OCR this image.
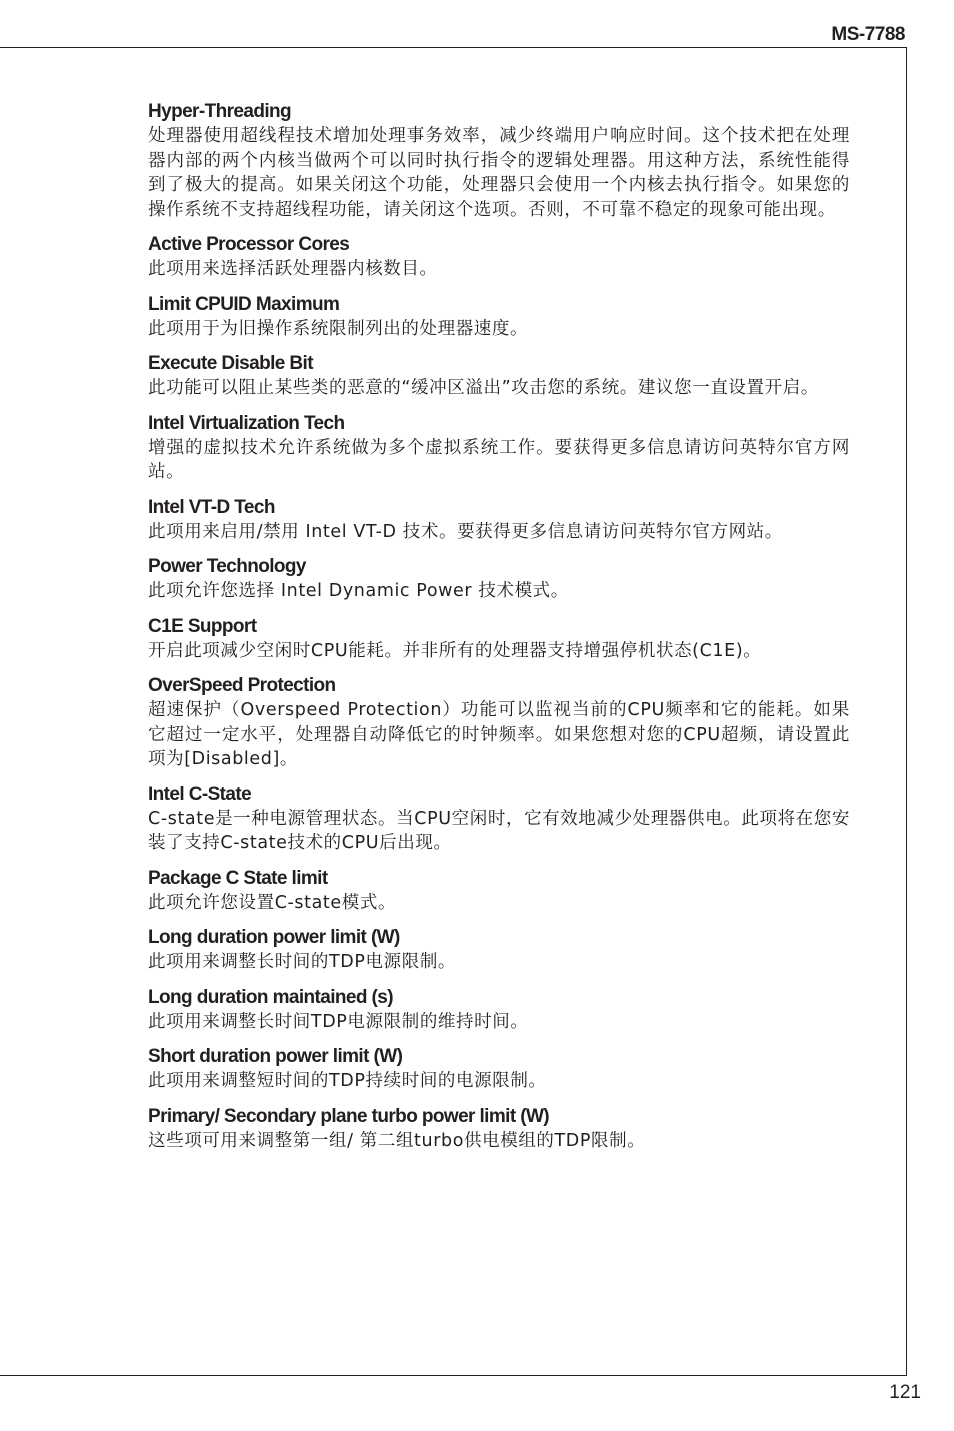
MS-7788
Hyper-Threading
处理器使用超线程技术增加处理事务效率，减少终端用户响应时间。这个技术把在处理器内部的两个内核当做两个可以同时执行指令的逻辑处理器。用这种方法，系统性能得到了极大的提高。如果关闭这个功能，处理器只会使用一个内核去执行指令。如果您的操作系统不支持超线程功能，请关闭这个选项。否则，不可靠不稳定的现象可能出现。
Active Processor Cores
此项用来选择活跃处理器内核数目。
Limit CPUID Maximum
此项用于为旧操作系统限制列出的处理器速度。
Execute Disable Bit
此功能可以阻止某些类的恶意的“缓冲区溢出”攻击您的系统。建议您一直设置开启。
Intel Virtualization Tech
增强的虚拟技术允许系统做为多个虚拟系统工作。要获得更多信息请访问英特尔官方网站。
Intel VT-D Tech
此项用来启用/禁用 Intel VT-D 技术。要获得更多信息请访问英特尔官方网站。
Power Technology
此项允许您选择 Intel Dynamic Power 技术模式。
C1E Support
开启此项减少空闲时CPU能耗。并非所有的处理器支持增强停机状态(C1E)。
OverSpeed Protection
超速保护（Overspeed Protection）功能可以监视当前的CPU频率和它的能耗。如果它超过一定水平，处理器自动降低它的时钟频率。如果您想对您的CPU超频，请设置此项为[Disabled]。
Intel C-State
C-state是一种电源管理状态。当CPU空闲时，它有效地减少处理器供电。此项将在您安装了支持C-state技术的CPU后出现。
Package C State limit
此项允许您设置C-state模式。
Long duration power limit (W)
此项用来调整长时间的TDP电源限制。
Long duration maintained (s)
此项用来调整长时间TDP电源限制的维持时间。
Short duration power limit (W)
此项用来调整短时间的TDP持续时间的电源限制。
Primary/ Secondary plane turbo power limit (W)
这些项可用来调整第一组/ 第二组turbo供电模组的TDP限制。
121
